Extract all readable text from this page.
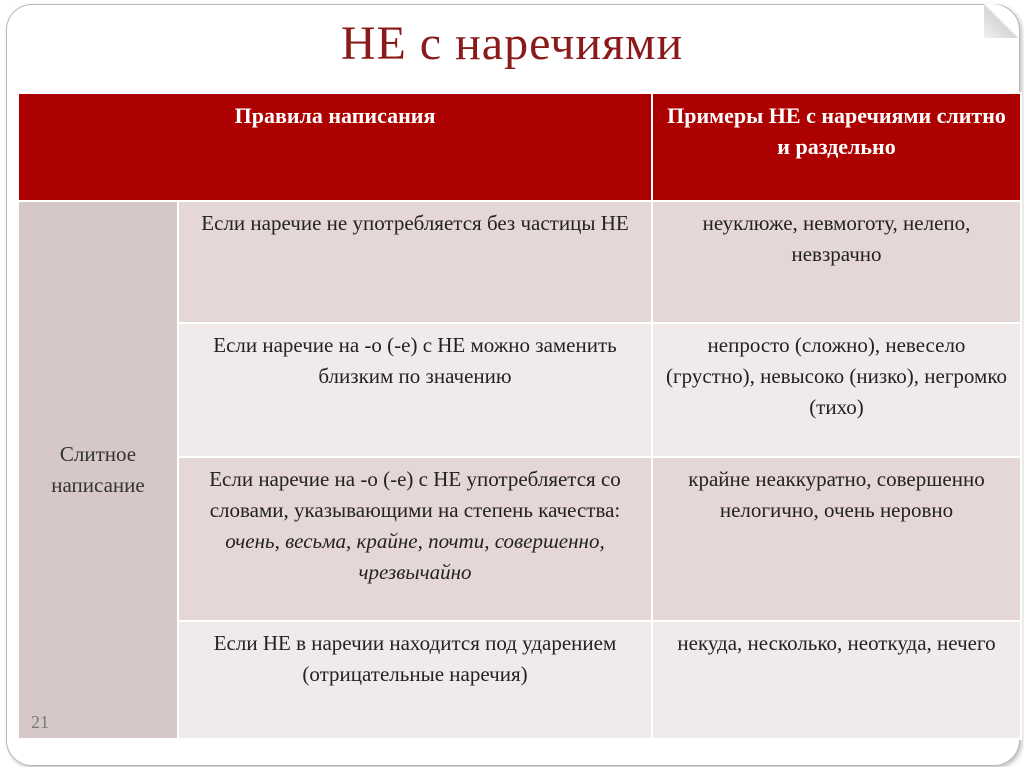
НЕ с наречиями
Правила написания		Примеры НЕ с наречиями слитно и раздельно
Слитное написание	Если наречие не употребляется без частицы НЕ	неуклюже, невмоготу, нелепо, невзрачно
	Если наречие на -о (-е) с НЕ можно заменить близким по значению	непросто (сложно), невесело (грустно), невысоко (низко), негромко (тихо)
	Если наречие на -о (-е) с НЕ употребляется со словами, указывающими на степень качества: очень, весьма, крайне, почти, совершенно, чрезвычайно	крайне неаккуратно, совершенно нелогично, очень неровно
	Если НЕ в наречии находится под ударением (отрицательные наречия)	некуда, несколько, неоткуда, нечего
21
